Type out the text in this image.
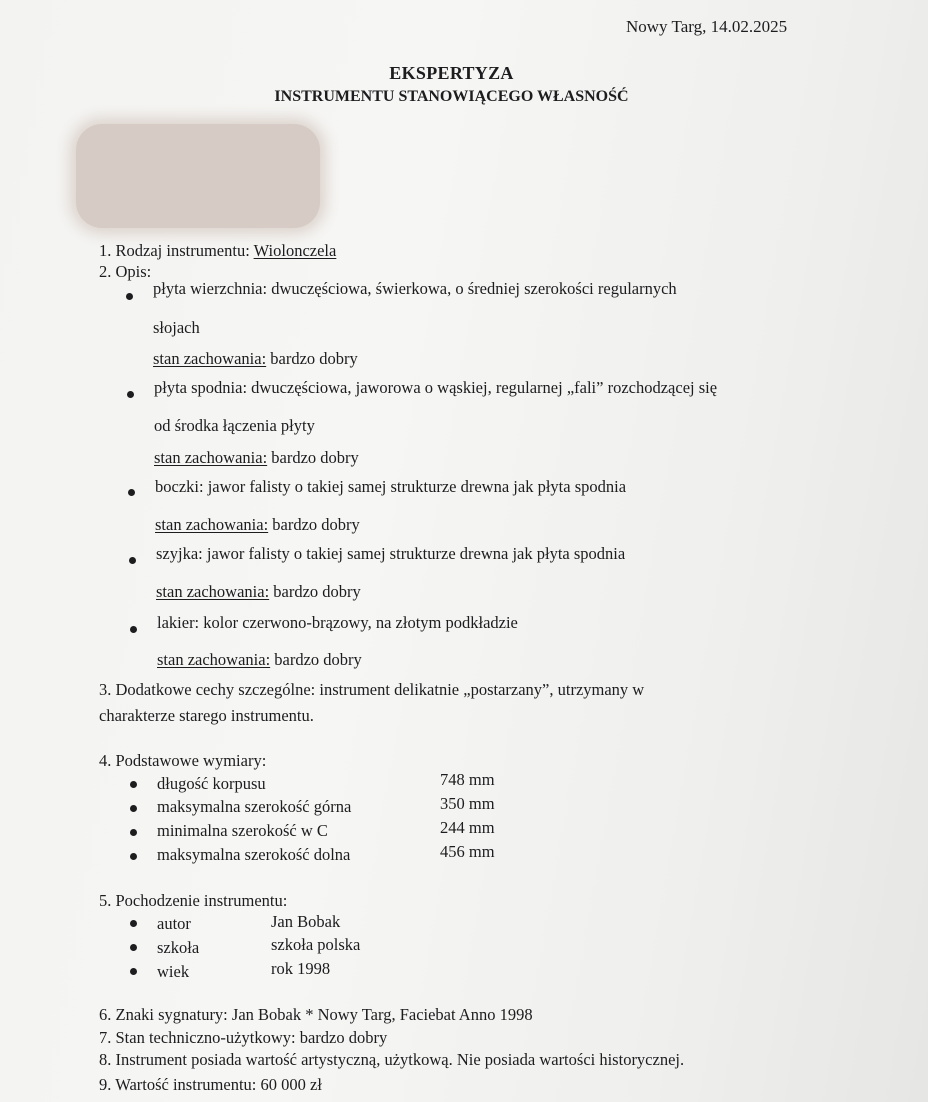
Nowy Targ, 14.02.2025
EKSPERTYZA
INSTRUMENTU STANOWIĄCEGO WŁASNOŚĆ
1. Rodzaj instrumentu: Wiolonczela
2. Opis:
płyta wierzchnia: dwuczęściowa, świerkowa, o średniej szerokości regularnych
słojach
stan zachowania: bardzo dobry
płyta spodnia: dwuczęściowa, jaworowa o wąskiej, regularnej „fali” rozchodzącej się
od środka łączenia płyty
stan zachowania: bardzo dobry
boczki: jawor falisty o takiej samej strukturze drewna jak płyta spodnia
stan zachowania: bardzo dobry
szyjka: jawor falisty o takiej samej strukturze drewna jak płyta spodnia
stan zachowania: bardzo dobry
lakier: kolor czerwono-brązowy, na złotym podkładzie
stan zachowania: bardzo dobry
3. Dodatkowe cechy szczególne: instrument delikatnie „postarzany”, utrzymany w
charakterze starego instrumentu.
4. Podstawowe wymiary:
długość korpusu	748 mm
maksymalna szerokość górna	350 mm
minimalna szerokość w C	244 mm
maksymalna szerokość dolna	456 mm
5. Pochodzenie instrumentu:
autor	Jan Bobak
szkoła	szkoła polska
wiek	rok 1998
6. Znaki sygnatury: Jan Bobak * Nowy Targ, Faciebat Anno 1998
7. Stan techniczno-użytkowy: bardzo dobry
8. Instrument posiada wartość artystyczną, użytkową. Nie posiada wartości historycznej.
9. Wartość instrumentu: 60 000 zł
